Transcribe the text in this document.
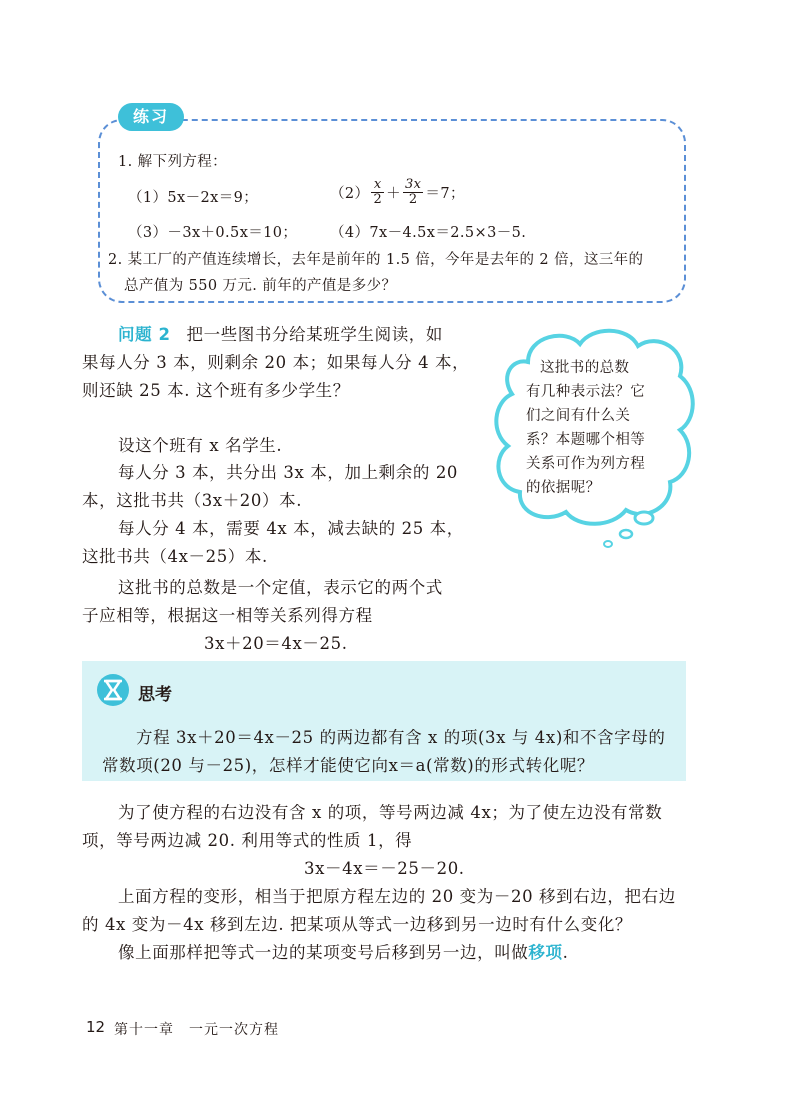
练习
1. 解下列方程：
（1）5x－2x＝9；	$(2) \frac{x}{2} + \frac{3x}{2} =7$；
（3）－3x＋0.5x＝10； （4）7x－4.5x＝2.5×3－5.
2. 某工厂的产值连续增长，去年是前年的 1.5 倍，今年是去年的 2 倍，这三年的
总产值为 550 万元. 前年的产值是多少？
问题 2 把一些图书分给某班学生阅读，如
果每人分 3 本，则剩余 20 本；如果每人分 4 本，
则还缺 25 本. 这个班有多少学生？
这批书的总数
有几种表示法？它
们之间有什么关
系？本题哪个相等
关系可作为列方程
的依据呢？
设这个班有 x 名学生.
每人分 3 本，共分出 3x 本，加上剩余的 20
本，这批书共（3x＋20）本.
每人分 4 本，需要 4x 本，减去缺的 25 本，
这批书共（4x－25）本.
这批书的总数是一个定值，表示它的两个式
子应相等，根据这一相等关系列得方程
3x＋20＝4x－25.
思考
方程 3x＋20＝4x－25 的两边都有含 x 的项(3x 与 4x)和不含字母的
常数项(20 与－25)，怎样才能使它向x＝a(常数)的形式转化呢？
为了使方程的右边没有含 x 的项，等号两边减 4x；为了使左边没有常数
项，等号两边减 20. 利用等式的性质 1，得
3x－4x＝－25－20.
上面方程的变形，相当于把原方程左边的 20 变为－20 移到右边，把右边
的 4x 变为－4x 移到左边. 把某项从等式一边移到另一边时有什么变化？
像上面那样把等式一边的某项变号后移到另一边，叫做移项.
12 第十一章　一元一次方程
